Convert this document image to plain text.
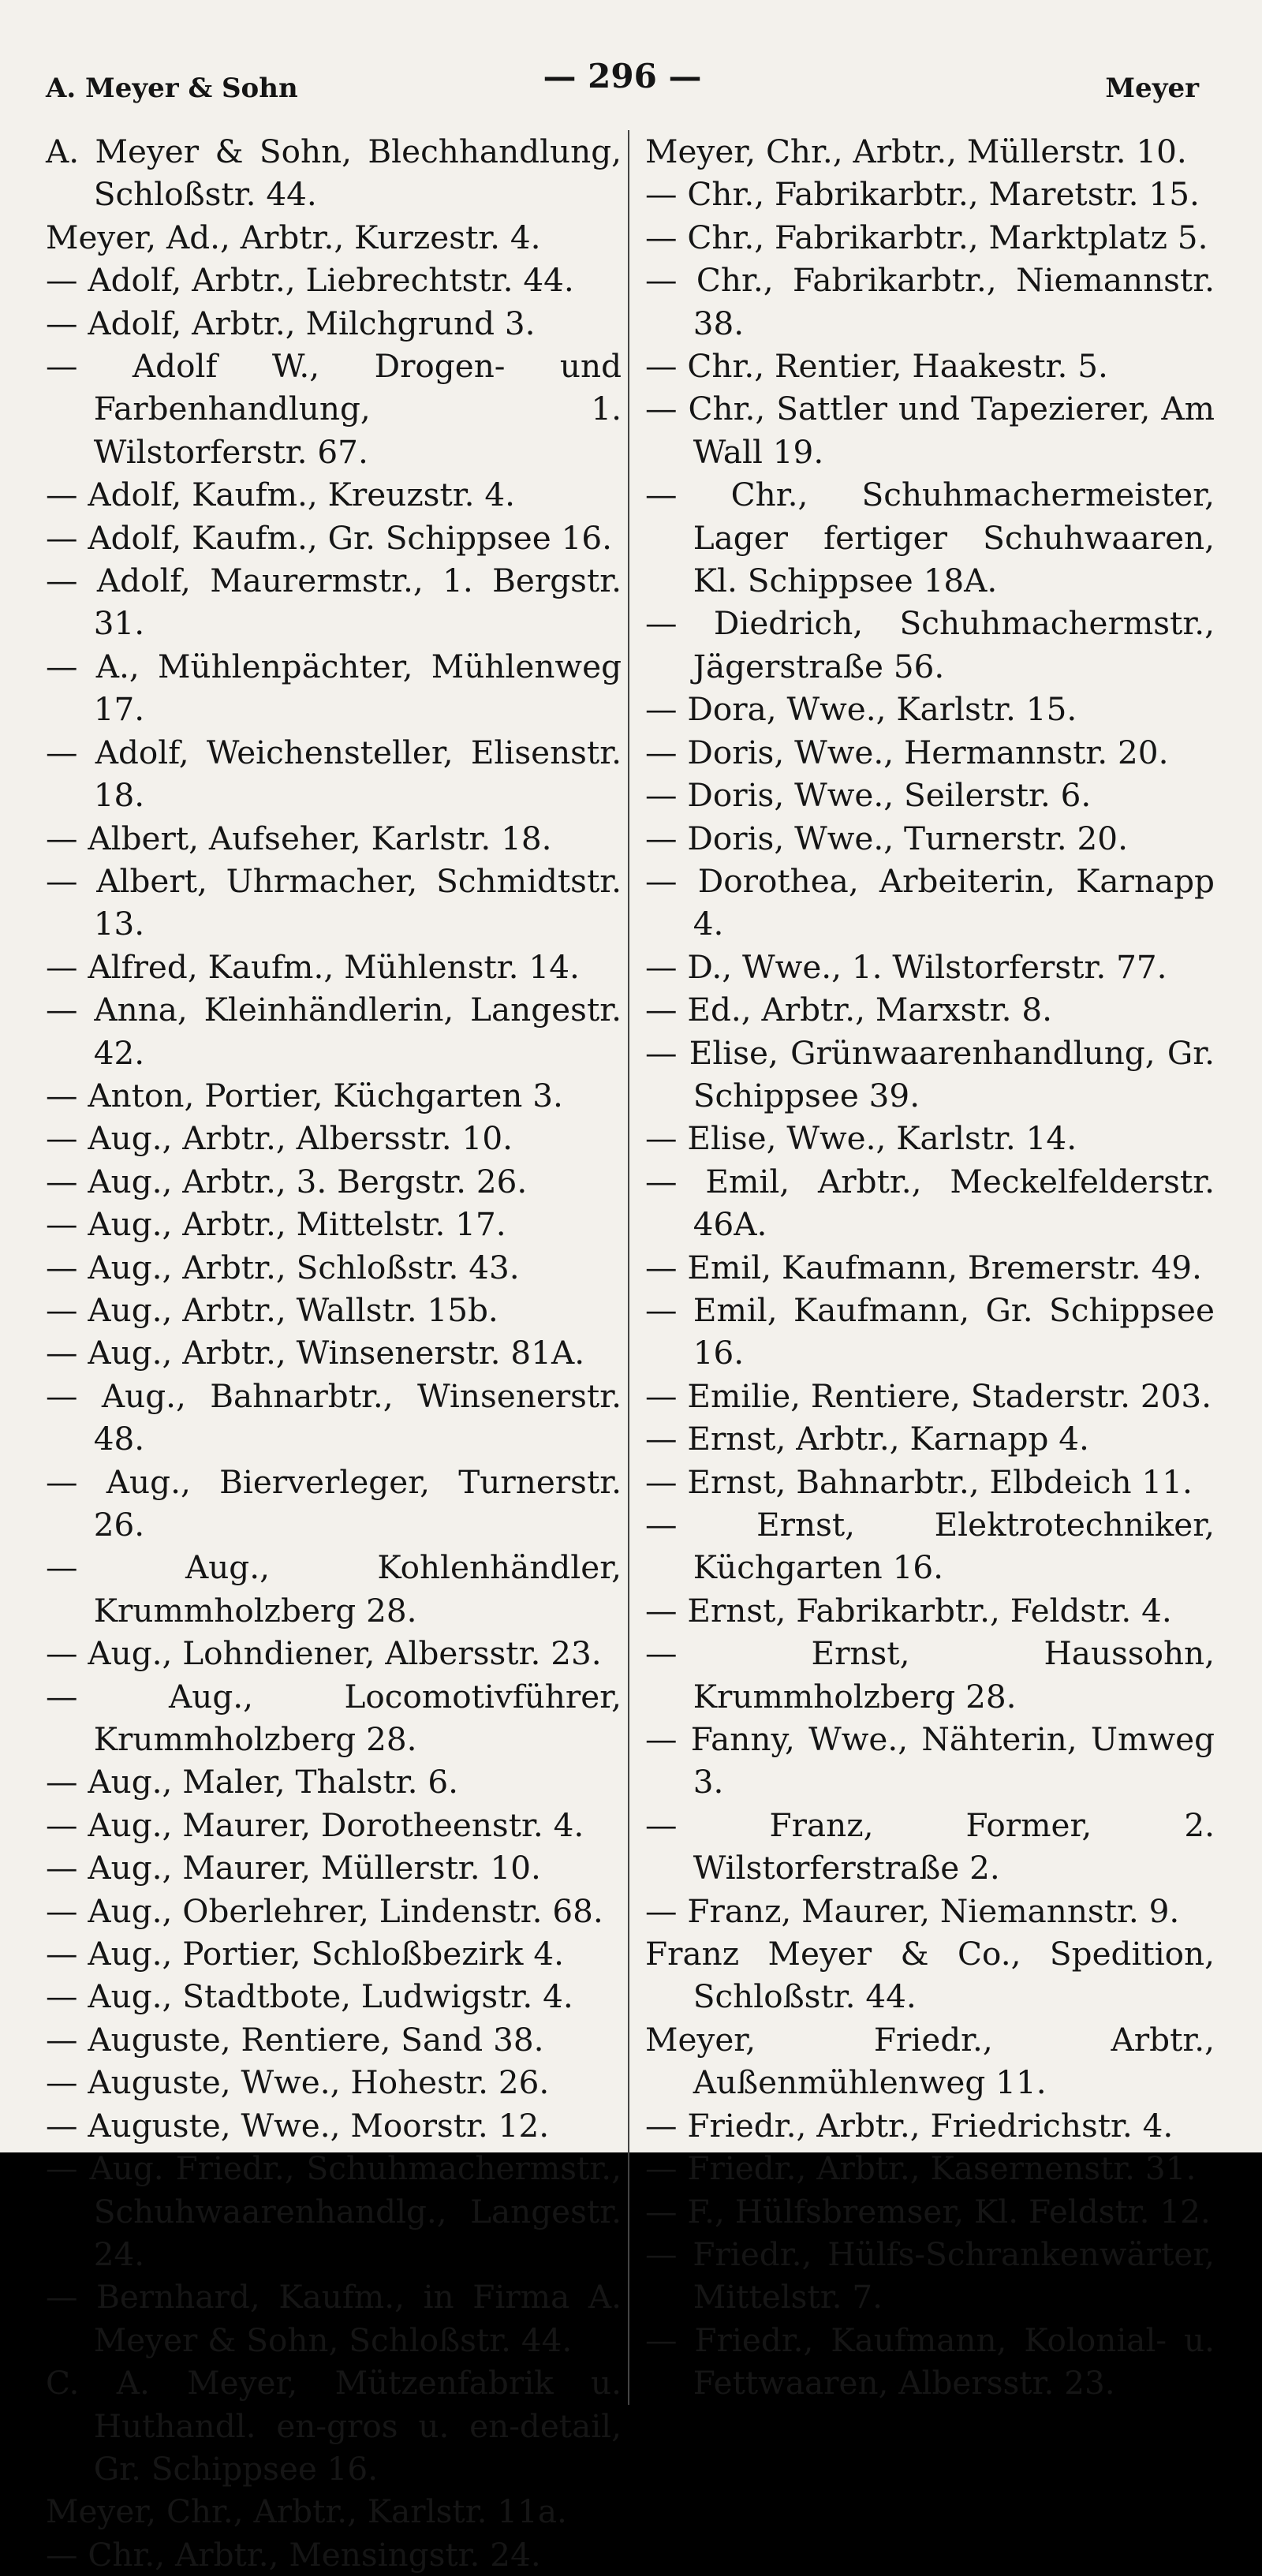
A. Meyer & Sohn	— 296 —	Meyer

A. Meyer & Sohn, Blechhandlung, Schloßstr. 44.

Meyer, Ad., Arbtr., Kurzestr. 4.

— Adolf, Arbtr., Liebrechtstr. 44.

— Adolf, Arbtr., Milchgrund 3.

— Adolf W., Drogen- und Farbenhandlung, 1. Wilstorferstr. 67.

— Adolf, Kaufm., Kreuzstr. 4.

— Adolf, Kaufm., Gr. Schippsee 16.

— Adolf, Maurermstr., 1. Bergstr. 31.

— A., Mühlenpächter, Mühlenweg 17.

— Adolf, Weichensteller, Elisenstr. 18.

— Albert, Aufseher, Karlstr. 18.

— Albert, Uhrmacher, Schmidtstr. 13.

— Alfred, Kaufm., Mühlenstr. 14.

— Anna, Kleinhändlerin, Langestr. 42.

— Anton, Portier, Küchgarten 3.

— Aug., Arbtr., Albersstr. 10.

— Aug., Arbtr., 3. Bergstr. 26.

— Aug., Arbtr., Mittelstr. 17.

— Aug., Arbtr., Schloßstr. 43.

— Aug., Arbtr., Wallstr. 15b.

— Aug., Arbtr., Winsenerstr. 81A.

— Aug., Bahnarbtr., Winsenerstr. 48.

— Aug., Bierverleger, Turnerstr. 26.

— Aug., Kohlenhändler, Krummholzberg 28.

— Aug., Lohndiener, Albersstr. 23.

— Aug., Locomotivführer, Krummholzberg 28.

— Aug., Maler, Thalstr. 6.

— Aug., Maurer, Dorotheenstr. 4.

— Aug., Maurer, Müllerstr. 10.

— Aug., Oberlehrer, Lindenstr. 68.

— Aug., Portier, Schloßbezirk 4.

— Aug., Stadtbote, Ludwigstr. 4.

— Auguste, Rentiere, Sand 38.

— Auguste, Wwe., Hohestr. 26.

— Auguste, Wwe., Moorstr. 12.

— Aug. Friedr., Schuhmachermstr., Schuhwaarenhandlg., Langestr. 24.

— Bernhard, Kaufm., in Firma A. Meyer & Sohn, Schloßstr. 44.

C. A. Meyer, Mützenfabrik u. Huthandl. en-gros u. en-detail, Gr. Schippsee 16.

Meyer, Chr., Arbtr., Karlstr. 11a.

— Chr., Arbtr., Mensingstr. 24.

Meyer, Chr., Arbtr., Müllerstr. 10.

— Chr., Fabrikarbtr., Maretstr. 15.

— Chr., Fabrikarbtr., Marktplatz 5.

— Chr., Fabrikarbtr., Niemannstr. 38.

— Chr., Rentier, Haakestr. 5.

— Chr., Sattler und Tapezierer, Am Wall 19.

— Chr., Schuhmachermeister, Lager fertiger Schuhwaaren, Kl. Schippsee 18A.

— Diedrich, Schuhmachermstr., Jägerstraße 56.

— Dora, Wwe., Karlstr. 15.

— Doris, Wwe., Hermannstr. 20.

— Doris, Wwe., Seilerstr. 6.

— Doris, Wwe., Turnerstr. 20.

— Dorothea, Arbeiterin, Karnapp 4.

— D., Wwe., 1. Wilstorferstr. 77.

— Ed., Arbtr., Marxstr. 8.

— Elise, Grünwaarenhandlung, Gr. Schippsee 39.

— Elise, Wwe., Karlstr. 14.

— Emil, Arbtr., Meckelfelderstr. 46A.

— Emil, Kaufmann, Bremerstr. 49.

— Emil, Kaufmann, Gr. Schippsee 16.

— Emilie, Rentiere, Staderstr. 203.

— Ernst, Arbtr., Karnapp 4.

— Ernst, Bahnarbtr., Elbdeich 11.

— Ernst, Elektrotechniker, Küchgarten 16.

— Ernst, Fabrikarbtr., Feldstr. 4.

— Ernst, Haussohn, Krummholzberg 28.

— Fanny, Wwe., Nähterin, Umweg 3.

— Franz, Former, 2. Wilstorferstraße 2.

— Franz, Maurer, Niemannstr. 9.

Franz Meyer & Co., Spedition, Schloßstr. 44.

Meyer, Friedr., Arbtr., Außenmühlenweg 11.

— Friedr., Arbtr., Friedrichstr. 4.

— Friedr., Arbtr., Kasernenstr. 31.

— F., Hülfsbremser, Kl. Feldstr. 12.

— Friedr., Hülfs-Schrankenwärter, Mittelstr. 7.

— Friedr., Kaufmann, Kolonial- u. Fettwaaren, Albersstr. 23.
